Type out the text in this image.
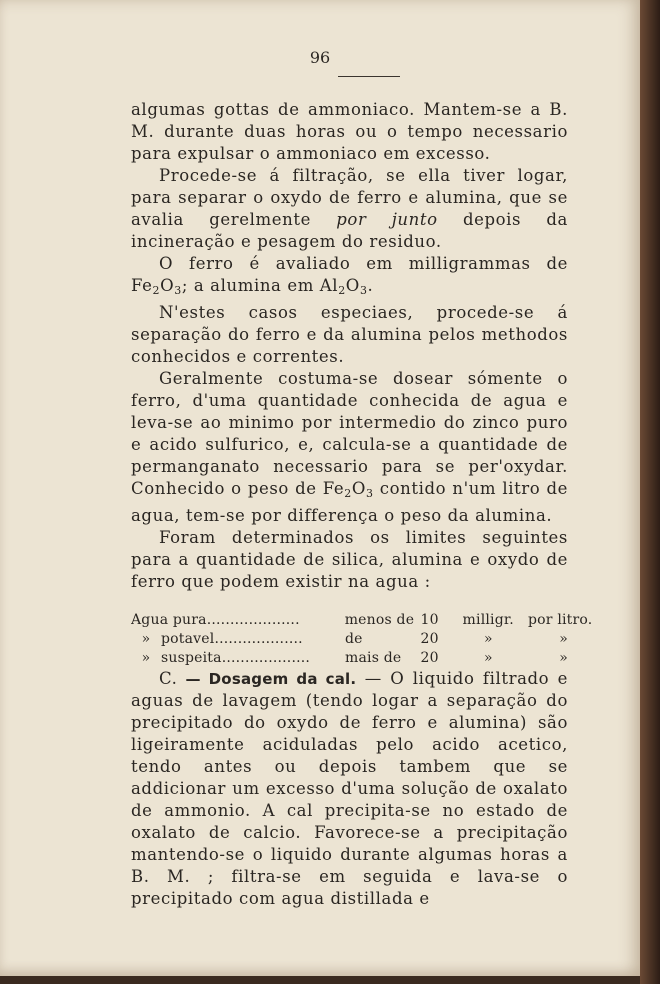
96

algumas gottas de ammoniaco. Mantem-se a B. M. durante duas horas ou o tempo necessario para expulsar o ammoniaco em excesso.

Procede-se á filtração, se ella tiver logar, para separar o oxydo de ferro e alumina, que se avalia gerelmente por junto depois da incineração e pesagem do residuo.

O ferro é avaliado em milligrammas de $Fe_2O_3$; a alumina em $Al_2O_3$.

N'estes casos especiaes, procede-se á separação do ferro e da alumina pelos methodos conhecidos e correntes.

Geralmente costuma-se dosear sómente o ferro, d'uma quantidade conhecida de agua e leva-se ao minimo por intermedio do zinco puro e acido sulfurico, e, calcula-se a quantidade de permanganato necessario para se per'oxydar. Conhecido o peso de $Fe_2O_3$ contido n'um litro de agua, tem-se por differença o peso da alumina.

Foram determinados os limites seguintes para a quantidade de silica, alumina e oxydo de ferro que podem existir na agua :

Agua pura....................	menos de 10	milligr.	por litro.
» potavel...................	de	20	»	»
» suspeita...................	mais de	20	»	»

C. — Dosagem da cal. — O liquido filtrado e aguas de lavagem (tendo logar a separação do precipitado do oxydo de ferro e alumina) são ligeiramente aciduladas pelo acido acetico, tendo antes ou depois tambem que se addicionar um excesso d'uma solução de oxalato de ammonio. A cal precipita-se no estado de oxalato de calcio. Favorece-se a precipitação mantendo-se o liquido durante algumas horas a B. M. ; filtra-se em seguida e lava-se o precipitado com agua distillada e
